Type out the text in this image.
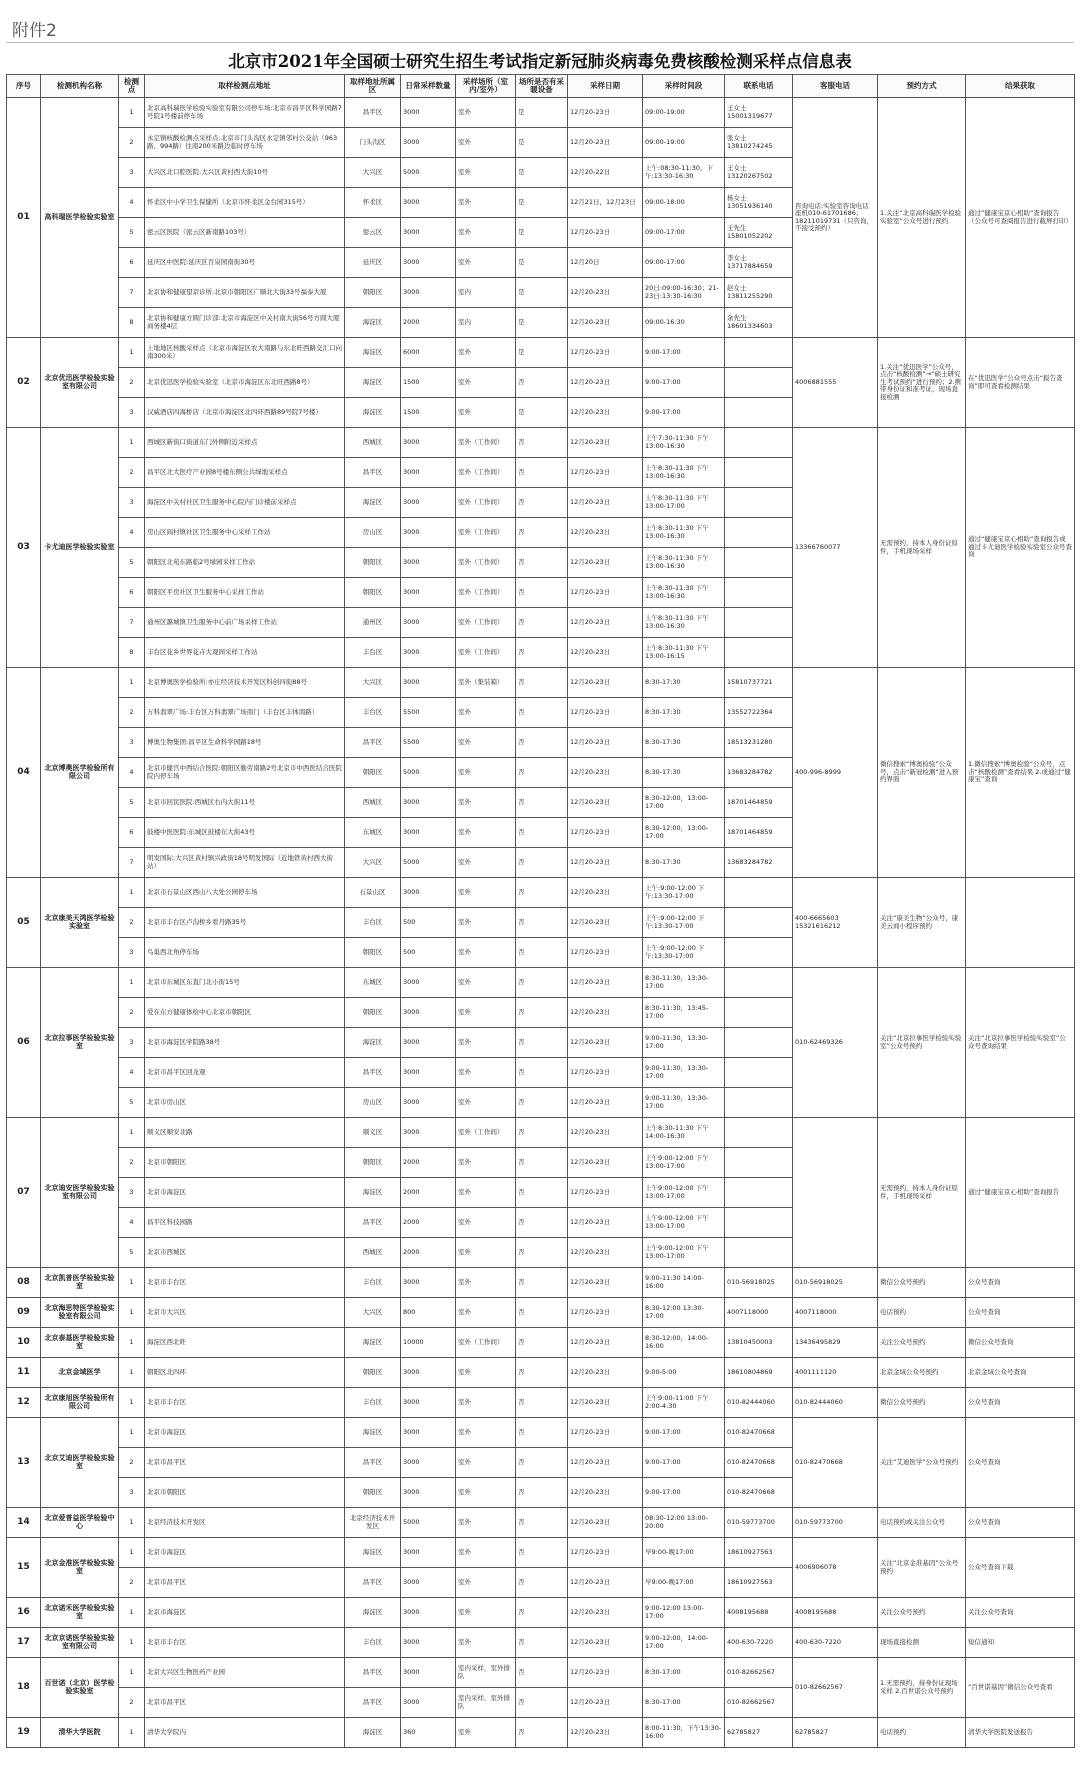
附件2
北京市2021年全国硕士研究生招生考试指定新冠肺炎病毒免费核酸检测采样点信息表
序号	检测机构名称	检测点	取样检测点地址	取样地址所属区	日常采样数量	采样场所（室内/室外）	场所是否有采暖设备	采样日期	采样时间段	联系电话	客服电话	预约方式	结果获取
01	高科瑞医学检验实验室	1	北京高科瑞医学检验实验室有限公司停车场:北京市昌平区科学园路7号院1号楼前停车场	昌平区	3000	室外	是	12月20-23日	09:00-19:00	王女士15001319677	咨询电话:实验室咨询电话座机010-61701686；18211019731（只咨询，不接受预约）	1.关注“北京高科瑞医学检验实验室”公众号进行预约	通过“健康宝京心相助”查询报告（公众号可查阅报告进行截屏打印）
		2	永定镇核酸检测点采样点:北京市门头沟区永定镇邻村公交站（963路、994路）往南200米路边临时停车场	门头沟区	3000	室外	是	12月20-23日	09:00-19:00	张女士13810274245			
		3	大兴区北口腔医院:大兴区黄村西大街10号	大兴区	5000	室外	是	12月20-22日	上午:08:30-11:30，下午:13:30-16:30	王女士13120267502			
		4	怀柔区中小学卫生保健所（北京市怀柔区金台园315号）	怀柔区	3000	室外	是	12月21日，12月23日	09:00-18:00	杨女士13051936140			
		5	密云区医院（密云区新南路103号）	密云区	3000	室外	是	12月20-23日	09:00-17:00	王先生15801052202			
		6	延庆区中医院:延庆区百泉园南街30号	延庆区	3000	室外	是	12月20日	09:00-17:00	李女士13717884659			
		7	北京协和健康望京诊所:北京市朝阳区广顺北大街33号福泰大厦	朝阳区	3000	室内	是	12月20-23日	20日:09:00-16:30；21-23日:13:30-16:30	赵女士13811255290			
		8	北京协和健康方圆门诊部:北京市海淀区中关村南大街56号方圆大厦商务楼4层	海淀区	2000	室内	是	12月20-23日	09:00-16:30	余先生18601334603			
02	北京优迅医学检验实验室有限公司	1	上地地区核酸采样点（北京市海淀区农大南路与东北旺西路交汇口向南300米）	海淀区	6000	室外	是	12月20-23日	9:00-17:00		4006881555	1.关注“优迅医学”公众号，点击“核酸检测”→“硕士研究生考试预约”进行预约；2.携带身份证和准考证，现场直接检测	在“优迅医学”公众号点击“报告查询”即可查看检测结果
		2	北京优迅医学检验实验室（北京市海淀区东北旺西路8号）	海淀区	1500	室外	否	12月20-23日	9:00-17:00				
		3	汉威酒店四海桥店（北京市海淀区北四环西路89号院7号楼）	海淀区	1500	室外	是	12月20-23日	9:00-17:00				
03	卡尤迪医学检验实验室	1	西城区新街口街道东门外侧附近采样点	西城区	3000	室外（工作间）	否	12月20-23日	上午7:30-11:30 下午13:00-16:30		13366760077	无需预约，持本人身份证原件，手机现场采样	通过“健康宝京心相助”查询报告或通过卡尤迪医学检验实验室公众号查询
		2	昌平区北大医疗产业园8号楼东侧公共绿地采样点	昌平区	3000	室外（工作间）	否	12月20-23日	上午8:30-11:30 下午13:00-16:30				
		3	海淀区中关村社区卫生服务中心院内门诊楼前采样点	海淀区	3000	室外（工作间）	否	12月20-23日	上午8:30-11:30 下午13:00-17:00				
		4	房山区阎村镇社区卫生服务中心采样工作站	房山区	3000	室外（工作间）	否	12月20-23日	上午8:30-11:30 下午13:00-16:30				
		5	朝阳区北苑东路临2号绿园采样工作站	朝阳区	3000	室外（工作间）	否	12月20-23日	上午8:30-11:30 下午13:00-16:30				
		6	朝阳区平房社区卫生服务中心采样工作站	朝阳区	3000	室外（工作间）	否	12月20-23日	上午8:30-11:30 下午13:00-16:30				
		7	通州区潞城镇卫生服务中心前广场采样工作站	通州区	3000	室外（工作间）	否	12月20-23日	上午8:30-11:30 下午13:00-16:30				
		8	丰台区花乡世界花卉大观园采样工作站	丰台区	3000	室外（工作间）	否	12月20-23日	上午8:30-11:30 下午13:00-16:15				
04	北京博奥医学检验所有限公司	1	北京博奥医学检验所:亦庄经济技术开发区科创四街88号	大兴区	3000	室外（集装箱）	否	12月20-23日	8:30-17:30	15810737721	400-996-8999	微信搜索“博奥检验”公众号，点击“新冠检测”进入预约界面	1.微信搜索“博奥检验”公众号，点击“核酸检测”查看结果 2.或通过“健康宝”查询
		2	万科翡翠广场:丰台区万科翡翠广场南门（丰台区丰体南路）	丰台区	5500	室外	否	12月20-23日	8:30-17:30	13552722364			
		3	博奥生物集团:昌平区生命科学园路18号	昌平区	5500	室外	否	12月20-23日	8:30-17:30	18513231280			
		4	北京市健宫中西结合医院:朝阳区勤劳南路2号北京市中西医结合医院院内停车场	朝阳区	5000	室外	否	12月20-23日	8:30-17:30	13683284782			
		5	北京市回民医院:西城区右内大街11号	西城区	3000	室外	否	12月20-23日	8:30-12:00，13:00-17:00	18701464859			
		6	鼓楼中医医院:东城区鼓楼东大街43号	东城区	3000	室外	否	12月20-23日	8:30-12:00，13:00-17:00	18701464859			
		7	明发国际:大兴区黄村镇兴政街18号明发国际（近地铁黄村西大街站）	大兴区	5000	室外	否	12月20-23日	8:30-17:30	13683284782			
05	北京康美天鸿医学检验实验室	1	北京市石景山区西山八大处公园停车场	石景山区	3000	室外	否	12月20-23日	上午:9:00-12:00 下午:13:30-17:00		400-6665603 15321616212	关注“康美生物”公众号，康美云商小程序预约	
		2	北京市丰台区卢沟桥乡看丹路35号	丰台区	500	室外	否	12月20-23日	上午:9:00-12:00 下午:13:30-17:00				
		3	鸟巢西北角停车场	朝阳区	500	室外	否	12月20-23日	上午:9:00-12:00 下午:13:30-17:00				
06	北京拉事医学检验实验室	1	北京市东城区东直门北小街15号	东城区	3000	室外	否	12月20-23日	8:30-11:30，13:30-17:00		010-62469326	关注“北京拉事医学检验实验室”公众号预约	关注“北京拉事医学检验实验室”公众号查询结果
		2	爱在东方健康体检中心北京市朝阳区	朝阳区	3000	室外	否	12月20-23日	8:30-11:30，13:45-17:00				
		3	北京市海淀区学院路38号	海淀区	3000	室外	否	12月20-23日	9:00-11:30，13:30-17:00				
		4	北京市昌平区回龙观	昌平区	3000	室外	否	12月20-23日	9:00-11:30，13:30-17:00				
		5	北京市房山区	房山区	3000	室外	否	12月20-23日	9:00-11:30，13:30-17:00				
07	北京迪安医学检验实验室有限公司	1	顺义区顺安北路	顺义区	3000	室外（工作间）	否	12月20-23日	上午8:30-11:30 下午14:00-16:30			无需预约，持本人身份证原件，手机现场采样	通过“健康宝京心相助”查询报告
		2	北京市朝阳区	朝阳区	2000	室外	否	12月20-23日	上午9:00-12:00 下午13:00-17:00				
		3	北京市海淀区	海淀区	2000	室外	否	12月20-23日	上午9:00-12:00 下午13:00-17:00				
		4	昌平区科技园路	昌平区	2000	室外	否	12月20-23日	上午9:00-12:00 下午13:00-17:00				
		5	北京市西城区	西城区	2000	室外	否	12月20-23日	上午9:00-12:00 下午13:00-17:00				
08	北京凯普医学检验实验室	1	北京市丰台区	丰台区	3000	室外	否	12月20-23日	9:00-11:30 14:00-16:00	010-56918025	010-56918025	微信公众号预约	公众号查询
09	北京海思特医学检验实验室有限公司	1	北京市大兴区	大兴区	800	室外	否	12月20-23日	8:30-12:00 13:30-17:00	4007118000	4007118000	电话预约	公众号查询
10	北京泰基医学检验实验室	1	海淀区西北旺	海淀区	10000	室外（工作间）	否	12月20-23日	8:30-12:00，14:00-16:00	13810450003	13436495829	关注公众号预约	微信公众号查询
11	北京金域医学	1	朝阳区北四环	朝阳区	3000	室外	否	12月20-23日	9:00-5:00	18610804869	4001111120	北京金域公众号预约	北京金域公众号查询
12	北京康旭医学检验所有限公司	1	北京市丰台区	丰台区	3000	室外	否	12月20-23日	上午9:00-11:00 下午2:00-4:30	010-82444060	010-82444060	微信公众号预约	公众号查询
13	北京艾迪医学检验实验室	1	北京市海淀区	海淀区	3000	室外	否	12月20-23日	9:00-17:00	010-82470668	010-82470668	关注“艾迪医学”公众号预约	公众号查询
		2	北京市昌平区	昌平区	3000	室外	否	12月20-23日	9:00-17:00	010-82470668			
		3	北京市朝阳区	朝阳区	3000	室外	否	12月20-23日	9:00-17:00	010-82470668			
14	北京爱普益医学检验中心	1	北京经济技术开发区	北京经济技术开发区	5000	室外	否	12月20-23日	08:30-12:00 13:00-20:00	010-59773700	010-59773700	电话预约或关注公众号	公众号查询
15	北京金准医学检验实验室	1	北京市海淀区	海淀区	3000	室外	否	12月20-23日	早9:00-晚17:00	18610927563	4006906078	关注“北京金准基因”公众号预约	公众号查询下载
		2	北京市昌平区	昌平区	3000	室外	否	12月20-23日	早9:00-晚17:00	18610927563			
16	北京诺禾医学检验实验室	1	北京市海淀区	海淀区	3000	室外	否	12月20-23日	9:00-12:00 13:00-17:00	4008195688	4008195688	关注公众号预约	关注公众号查询
17	北京京诺医学检验实验室有限公司	1	北京市丰台区	丰台区	3000	室外	否	12月20-23日	9:00-12:00，14:00-17:00	400-630-7220	400-630-7220	现场直接检测	短信通知
18	百世诺（北京）医学检验实验室	1	北京大兴区生物医药产业园	昌平区	3000	室内采样，室外排队	否	12月20-23日	8:30-17:00	010-82662567	010-82662567	1.无需预约，持身份证现场采样 2.百世诺公众号预约	“百世诺基因”微信公众号查看
		2	北京市昌平区	昌平区	3000	室内采样，室外排队	否	12月20-23日	8:30-17:00	010-82662567			
19	清华大学医院	1	清华大学院内	海淀区	360	室外	否	12月20-23日	8:00-11:30，下午13:30-16:00	62785827	62785827	电话预约	清华大学医院发送报告
